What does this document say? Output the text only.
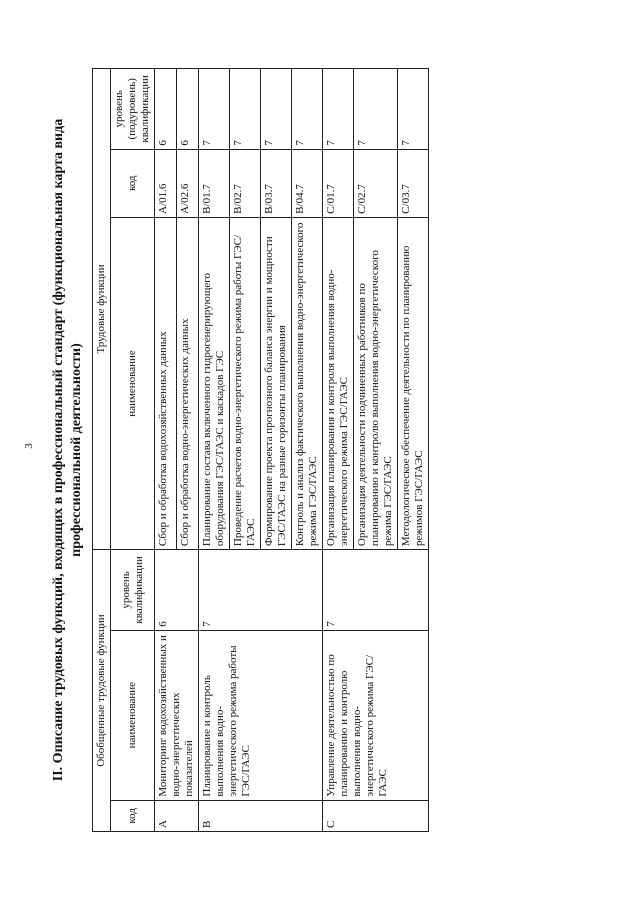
3 II. Описание трудовых функций, входящих в профессиональный стандарт (функциональная карта вида профессиональной деятельности)
Обобщенные трудовые функции			Трудовые функции		
код	наименование	уровень квалификации	наименование	код	уровень (подуровень) квалификации
A	Мониторинг водохозяйственных и водно-энергетических показателей	6	Сбор и обработка водохозяйственных данных	A/01.6	6
			Сбор и обработка водно-энергетических данных	A/02.6	6
B	Планирование и контроль выполнения водно-энергетического режима работы ГЭС/ГАЭС	7	Планирование состава включенного гидрогенерирующего оборудования ГЭС/ГАЭС и каскадов ГЭС	B/01.7	7
			Проведение расчетов водно-энергетического режима работы ГЭС/ГАЭС	B/02.7	7
			Формирование проекта прогнозного баланса энергии и мощности ГЭС/ГАЭС на разные горизонты планирования	B/03.7	7
			Контроль и анализ фактического выполнения водно-энергетического режима ГЭС/ГАЭС	B/04.7	7
C	Управление деятельностью по планированию и контролю выполнения водно-энергетического режима ГЭС/ГАЭС	7	Организация планирования и контроля выполнения водно-энергетического режима ГЭС/ГАЭС	C/01.7	7
			Организация деятельности подчиненных работников по планированию и контролю выполнения водно-энергетического режима ГЭС/ГАЭС	C/02.7	7
			Методологическое обеспечение деятельности по планированию режимов ГЭС/ГАЭС	C/03.7	7
